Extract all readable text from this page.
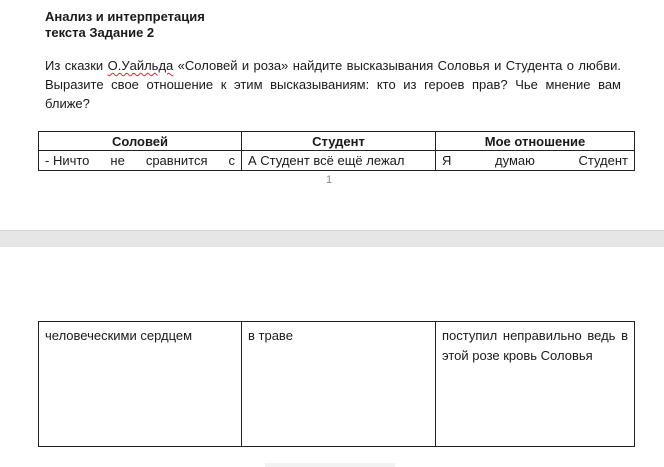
Анализ и интерпретация
текста Задание 2
Из сказки О.Уайльда «Соловей и роза» найдите высказывания Соловья и Студента о любви. Выразите свое отношение к этим высказываниям: кто из героев прав? Чье мнение вам ближе?
Соловей	Студент	Мое отношение

- Ничто не сравнится с	А Студент всё ещё лежал	Я думаю Студент
1
человеческими сердцем	в траве	поступил неправильно ведь в этой розе кровь Соловья
